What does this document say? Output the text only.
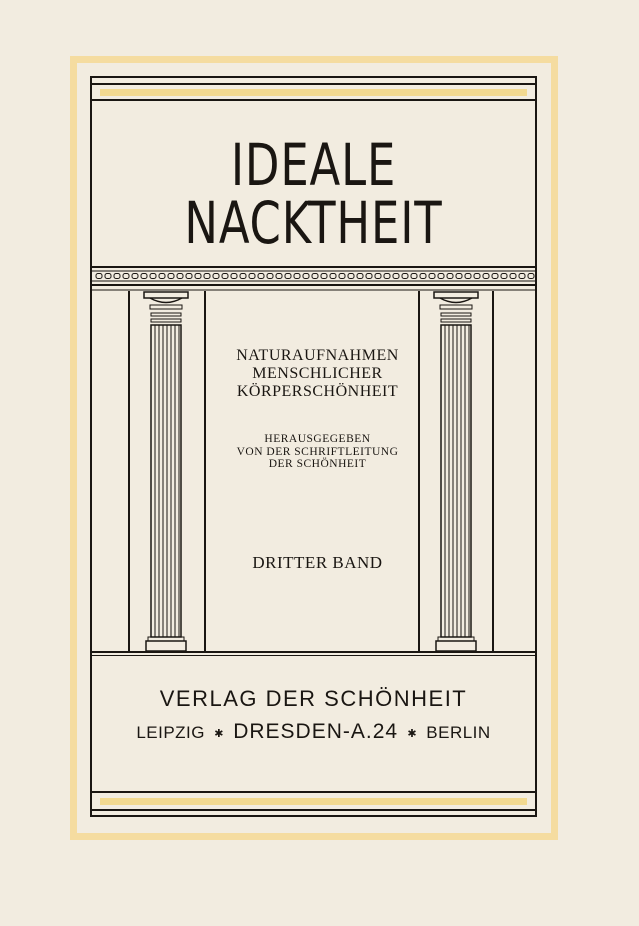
IDEALE NACKTHEIT
NATURAUFNAHMEN
MENSCHLICHER
KÖRPERSCHÖNHEIT
HERAUSGEGEBEN
VON DER SCHRIFTLEITUNG
DER SCHÖNHEIT
DRITTER BAND
VERLAG DER SCHÖNHEIT
LEIPZIG ✱ DRESDEN-A.24 ✱ BERLIN
